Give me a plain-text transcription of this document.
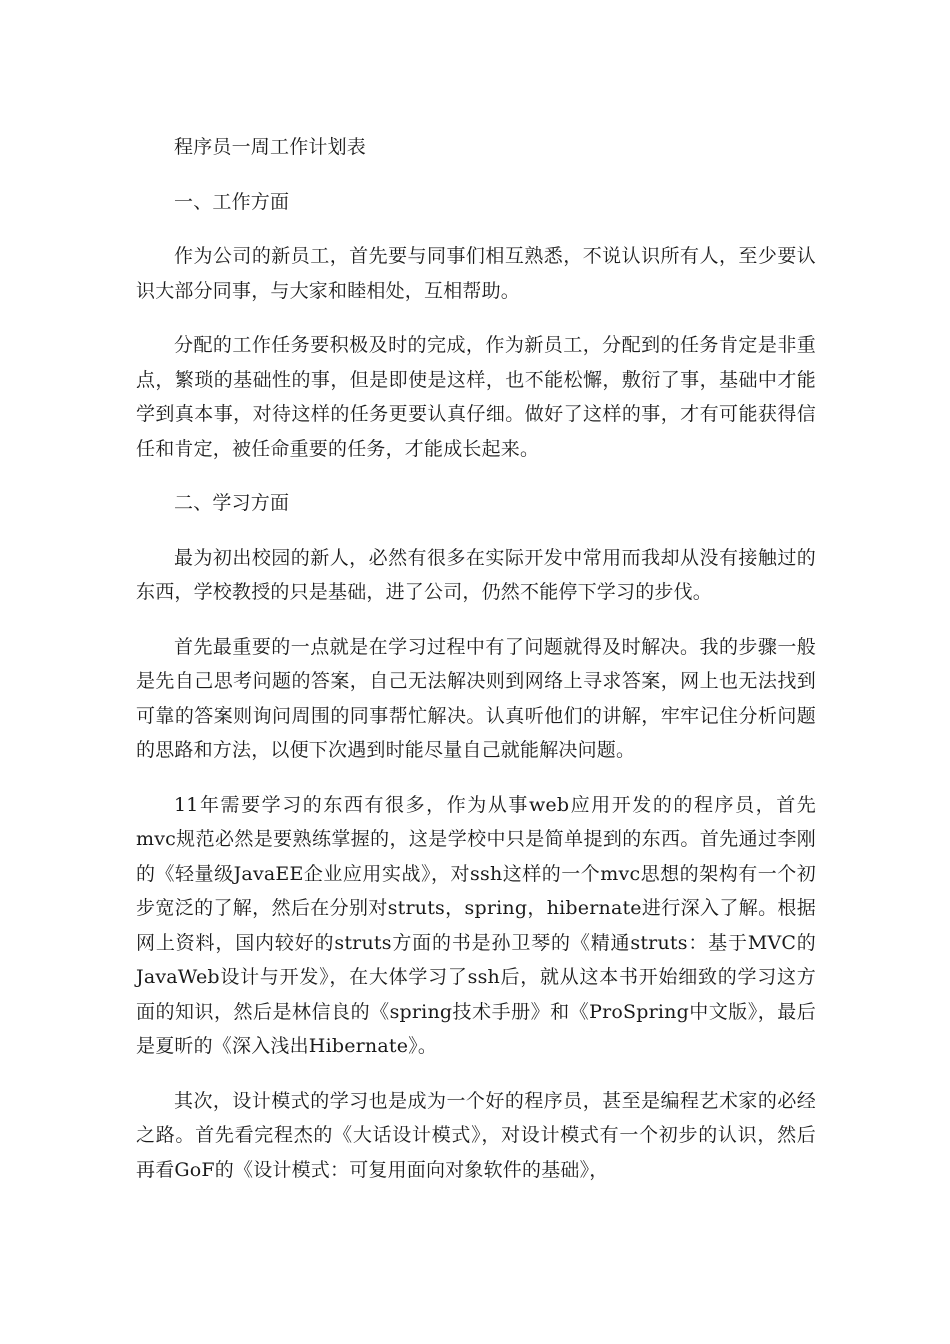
程序员一周工作计划表

一、工作方面

作为公司的新员工，首先要与同事们相互熟悉，不说认识所有人，至少要认识大部分同事，与大家和睦相处，互相帮助。

分配的工作任务要积极及时的完成，作为新员工，分配到的任务肯定是非重点，繁琐的基础性的事，但是即使是这样，也不能松懈，敷衍了事，基础中才能学到真本事，对待这样的任务更要认真仔细。做好了这样的事，才有可能获得信任和肯定，被任命重要的任务，才能成长起来。

二、学习方面

最为初出校园的新人，必然有很多在实际开发中常用而我却从没有接触过的东西，学校教授的只是基础，进了公司，仍然不能停下学习的步伐。

首先最重要的一点就是在学习过程中有了问题就得及时解决。我的步骤一般是先自己思考问题的答案，自己无法解决则到网络上寻求答案，网上也无法找到可靠的答案则询问周围的同事帮忙解决。认真听他们的讲解，牢牢记住分析问题的思路和方法，以便下次遇到时能尽量自己就能解决问题。

11年需要学习的东西有很多，作为从事web应用开发的的程序员，首先mvc规范必然是要熟练掌握的，这是学校中只是简单提到的东西。首先通过李刚的《轻量级JavaEE企业应用实战》，对ssh这样的一个mvc思想的架构有一个初步宽泛的了解，然后在分别对struts，spring，hibernate进行深入了解。根据网上资料，国内较好的struts方面的书是孙卫琴的《精通struts：基于MVC的JavaWeb设计与开发》，在大体学习了ssh后，就从这本书开始细致的学习这方面的知识，然后是林信良的《spring技术手册》和《ProSpring中文版》，最后是夏昕的《深入浅出Hibernate》。

其次，设计模式的学习也是成为一个好的程序员，甚至是编程艺术家的必经之路。首先看完程杰的《大话设计模式》，对设计模式有一个初步的认识，然后再看GoF的《设计模式：可复用面向对象软件的基础》，
